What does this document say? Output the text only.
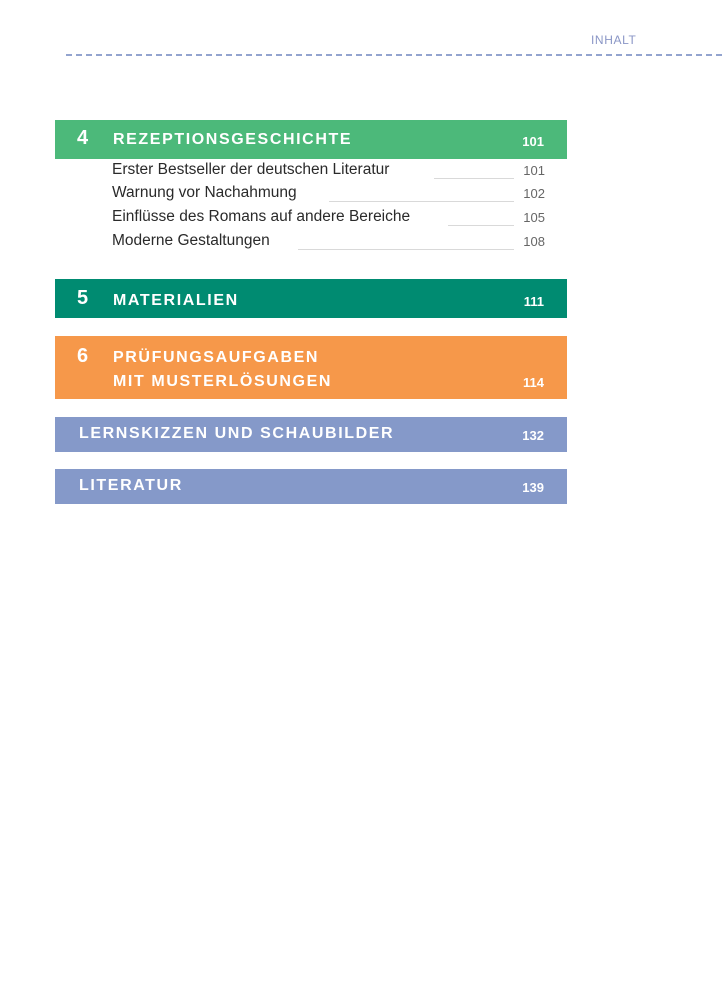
INHALT
4 REZEPTIONSGESCHICHTE	101
Erster Bestseller der deutschen Literatur	101
Warnung vor Nachahmung	102
Einflüsse des Romans auf andere Bereiche	105
Moderne Gestaltungen	108
5 MATERIALIEN	111
6 PRÜFUNGSAUFGABEN
MIT MUSTERLÖSUNGEN	114
LERNSKIZZEN UND SCHAUBILDER	132
LITERATUR	139
